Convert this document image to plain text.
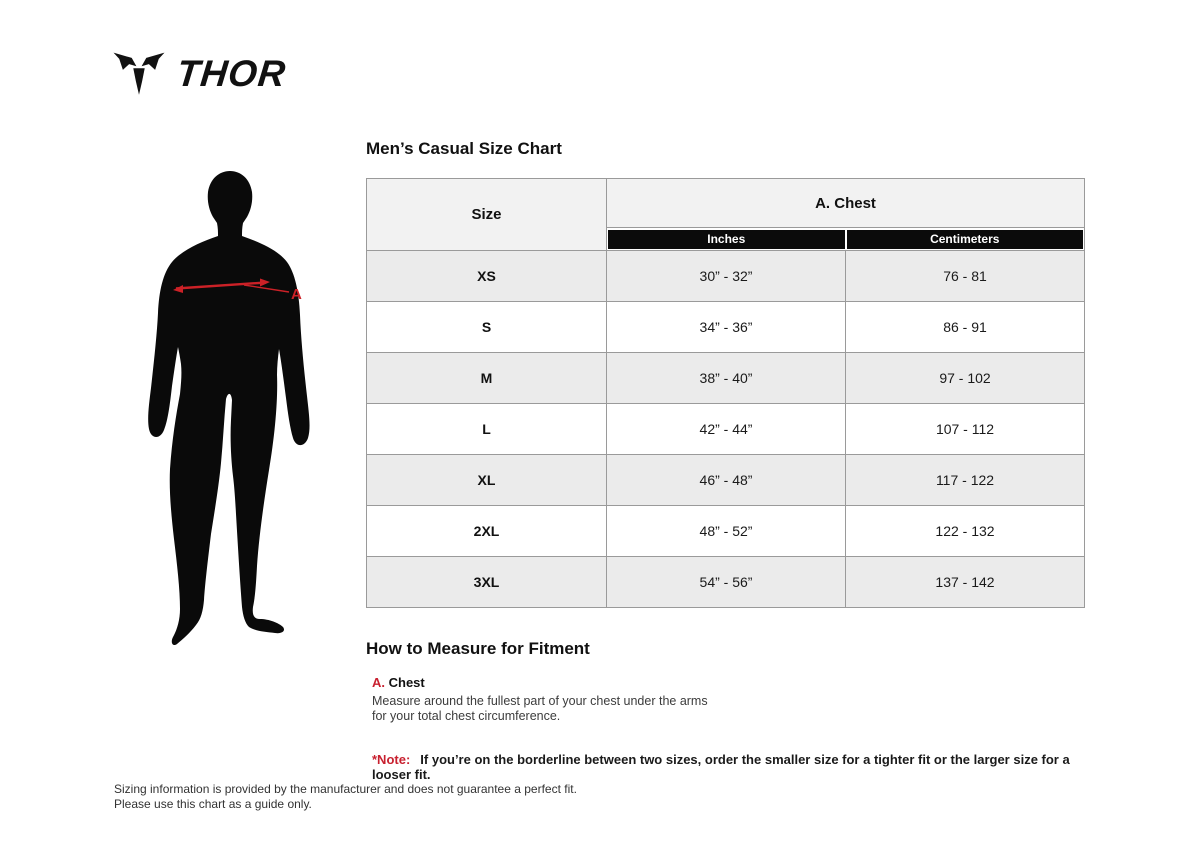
THOR
A
Men’s Casual Size Chart
Size	A. Chest	

	Inches	Centimeters

XS	30” - 32”	76 - 81
S	34” - 36”	86 - 91
M	38” - 40”	97 - 102
L	42” - 44”	107 - 112
XL	46” - 48”	117 - 122
2XL	48” - 52”	122 - 132
3XL	54” - 56”	137 - 142
How to Measure for Fitment
A. Chest
Measure around the fullest part of your chest under the arms for your total chest circumference.
*Note: If you’re on the borderline between two sizes, order the smaller size for a tighter fit or the larger size for a looser fit.
Sizing information is provided by the manufacturer and does not guarantee a perfect fit.
Please use this chart as a guide only.
